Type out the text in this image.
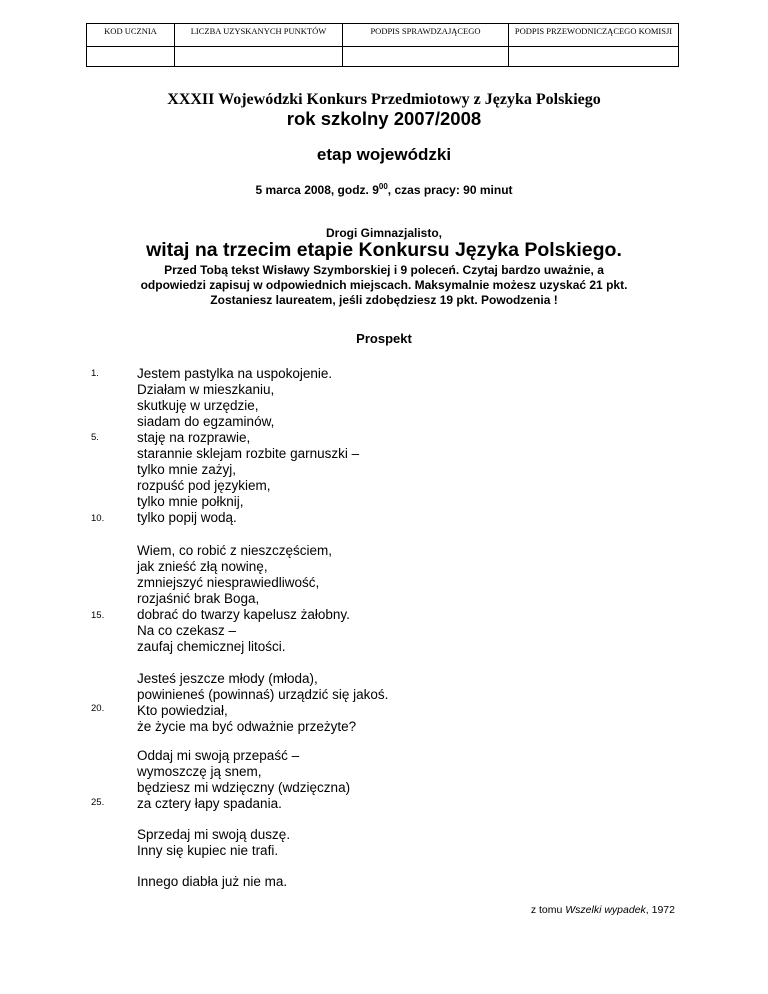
KOD UCZNIA	LICZBA UZYSKANYCH PUNKTÓW	PODPIS SPRAWDZAJĄCEGO	PODPIS PRZEWODNICZĄCEGO KOMISJI

XXXII Wojewódzki Konkurs Przedmiotowy z Języka Polskiego
rok szkolny 2007/2008
etap wojewódzki
5 marca 2008, godz. $9^{00}$, czas pracy: 90 minut
Drogi Gimnazjalisto,
witaj na trzecim etapie Konkursu Języka Polskiego.
Przed Tobą tekst Wisławy Szymborskiej i 9 poleceń. Czytaj bardzo uważnie, a
odpowiedzi zapisuj w odpowiednich miejscach. Maksymalnie możesz uzyskać 21 pkt.
Zostaniesz laureatem, jeśli zdobędziesz 19 pkt. Powodzenia !
Prospekt
1.
5.
10.
15.
20.
25.
Jestem pastylka na uspokojenie.
Działam w mieszkaniu,
skutkuję w urzędzie,
siadam do egzaminów,
staję na rozprawie,
starannie sklejam rozbite garnuszki –
tylko mnie zażyj,
rozpuść pod językiem,
tylko mnie połknij,
tylko popij wodą.
Wiem, co robić z nieszczęściem,
jak znieść złą nowinę,
zmniejszyć niesprawiedliwość,
rozjaśnić brak Boga,
dobrać do twarzy kapelusz żałobny.
Na co czekasz –
zaufaj chemicznej litości.
Jesteś jeszcze młody (młoda),
powinieneś (powinnaś) urządzić się jakoś.
Kto powiedział,
że życie ma być odważnie przeżyte?
Oddaj mi swoją przepaść –
wymoszczę ją snem,
będziesz mi wdzięczny (wdzięczna)
za cztery łapy spadania.
Sprzedaj mi swoją duszę.
Inny się kupiec nie trafi.
Innego diabła już nie ma.
z tomu Wszelki wypadek, 1972
